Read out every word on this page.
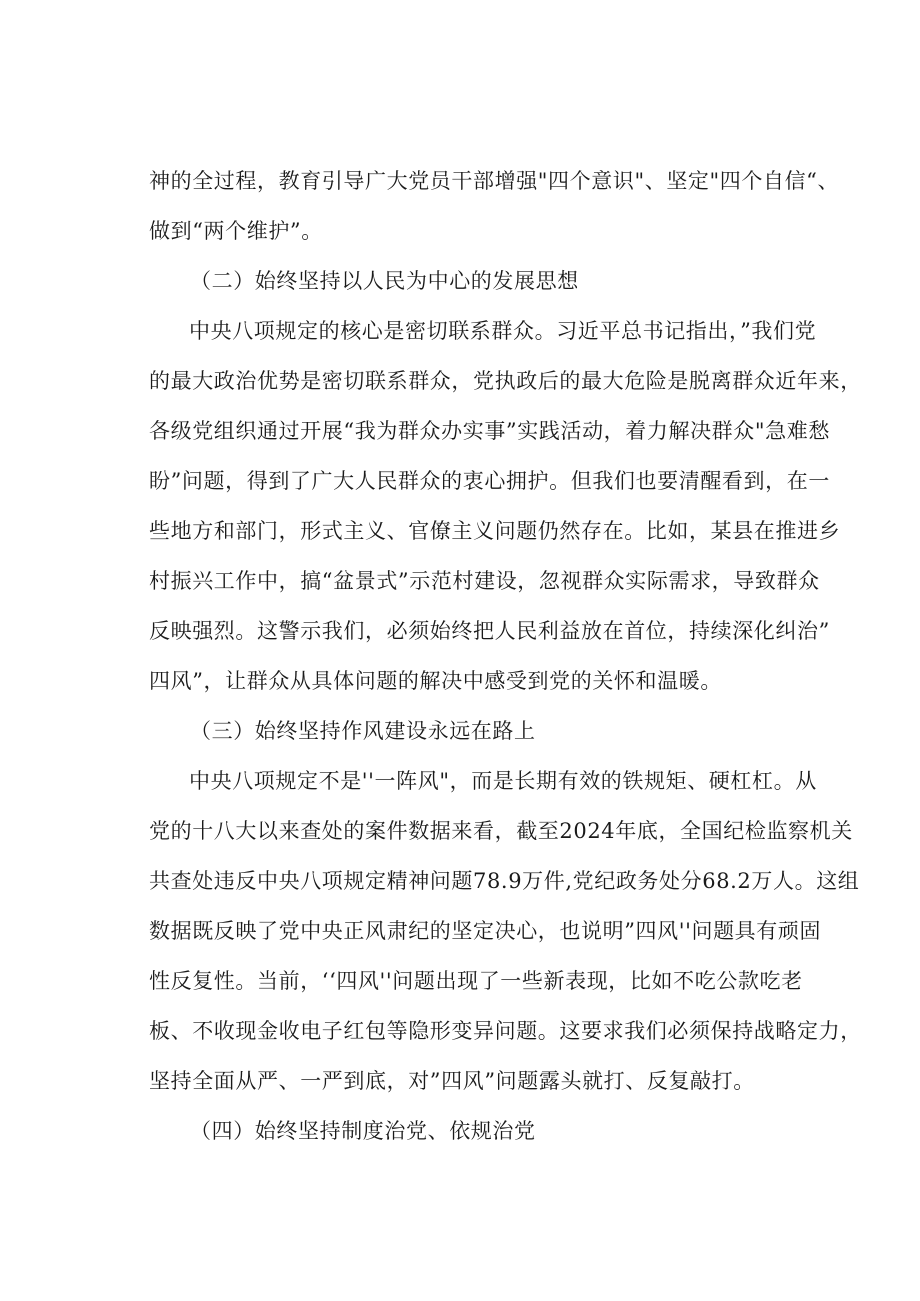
神的全过程，教育引导广大党员干部增强"四个意识"、坚定"四个自信“、
做到“两个维护”。
（二）始终坚持以人民为中心的发展思想
中央八项规定的核心是密切联系群众。习近平总书记指出，”我们党
的最大政治优势是密切联系群众，党执政后的最大危险是脱离群众近年来，
各级党组织通过开展“我为群众办实事”实践活动，着力解决群众"急难愁
盼”问题，得到了广大人民群众的衷心拥护。但我们也要清醒看到，在一
些地方和部门，形式主义、官僚主义问题仍然存在。比如，某县在推进乡
村振兴工作中，搞“盆景式”示范村建设，忽视群众实际需求，导致群众
反映强烈。这警示我们，必须始终把人民利益放在首位，持续深化纠治”
四风”，让群众从具体问题的解决中感受到党的关怀和温暖。
（三）始终坚持作风建设永远在路上
中央八项规定不是''一阵风"，而是长期有效的铁规矩、硬杠杠。从
党的十八大以来查处的案件数据来看，截至2024年底，全国纪检监察机关
共查处违反中央八项规定精神问题78.9万件,党纪政务处分68.2万人。这组
数据既反映了党中央正风肃纪的坚定决心，也说明”四风''问题具有顽固
性反复性。当前，‘‘四风''问题出现了一些新表现，比如不吃公款吃老
板、不收现金收电子红包等隐形变异问题。这要求我们必须保持战略定力，
坚持全面从严、一严到底，对”四风”问题露头就打、反复敲打。
（四）始终坚持制度治党、依规治党
